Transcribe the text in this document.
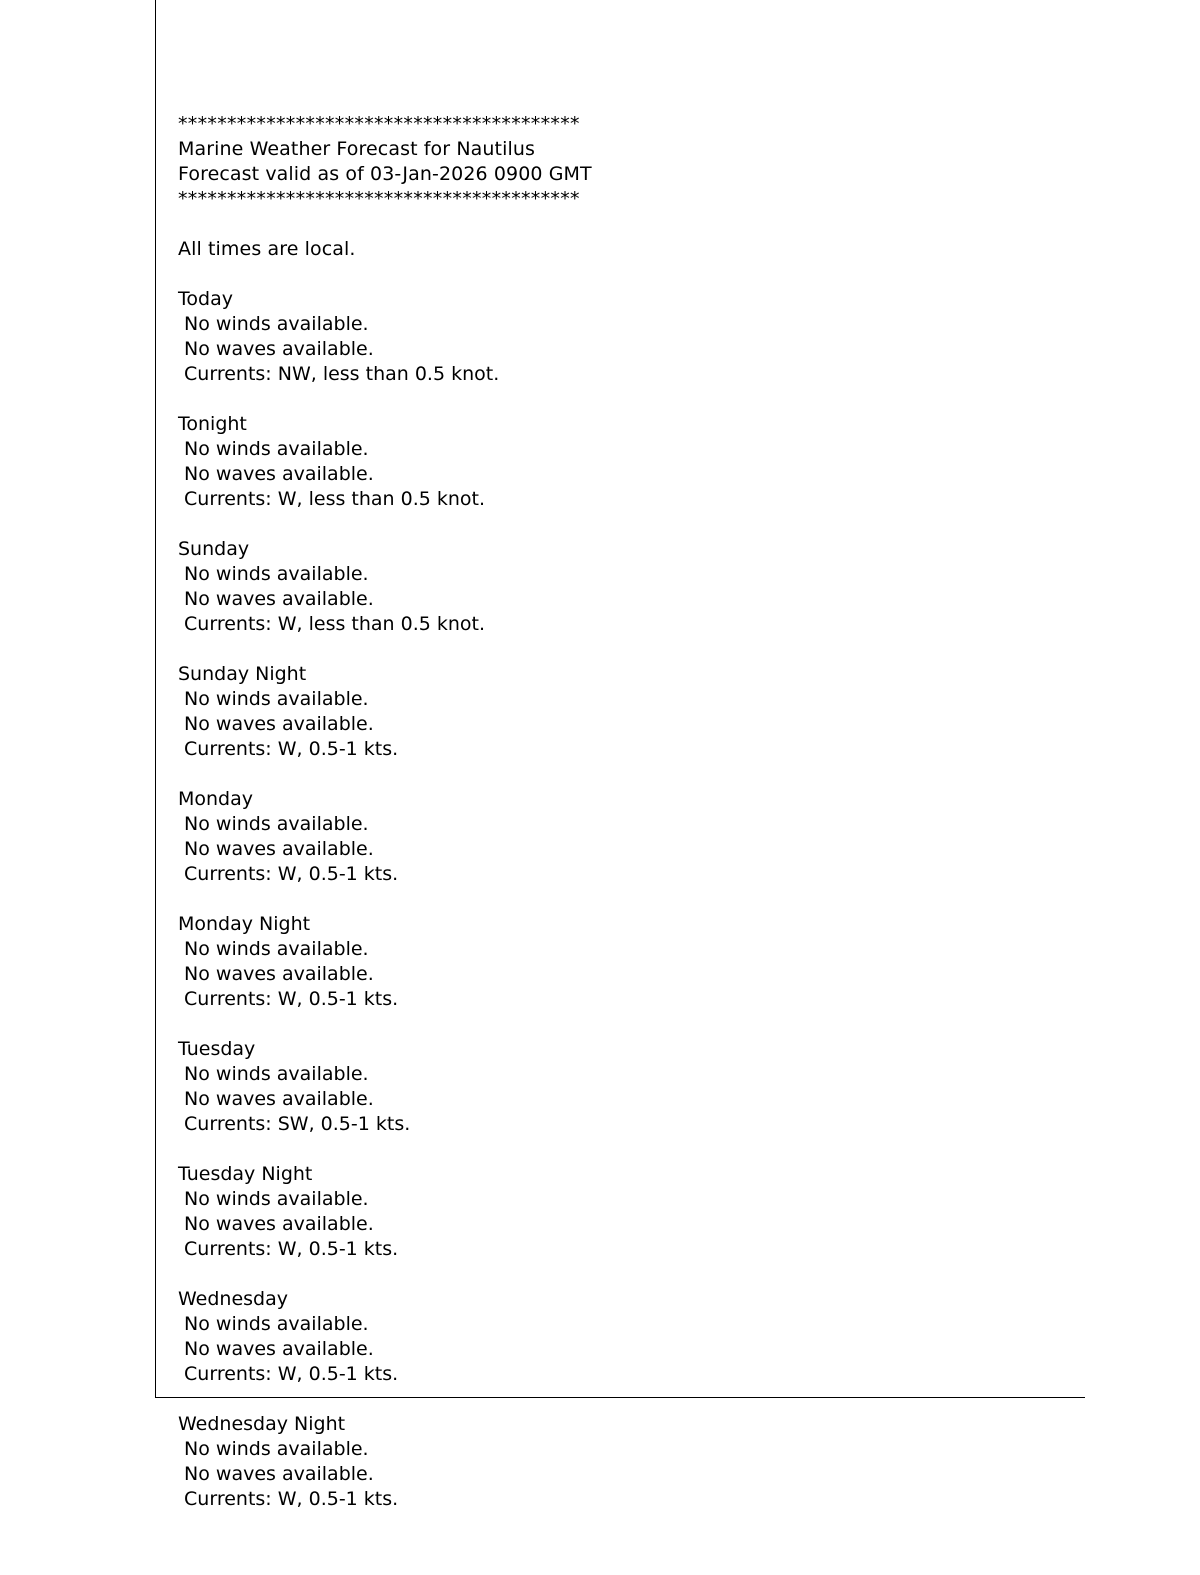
*****************************************
Marine Weather Forecast for Nautilus
Forecast valid as of 03-Jan-2026 0900 GMT
*****************************************
All times are local.
Today
No winds available.
No waves available.
Currents: NW, less than 0.5 knot.
Tonight
No winds available.
No waves available.
Currents: W, less than 0.5 knot.
Sunday
No winds available.
No waves available.
Currents: W, less than 0.5 knot.
Sunday Night
No winds available.
No waves available.
Currents: W, 0.5-1 kts.
Monday
No winds available.
No waves available.
Currents: W, 0.5-1 kts.
Monday Night
No winds available.
No waves available.
Currents: W, 0.5-1 kts.
Tuesday
No winds available.
No waves available.
Currents: SW, 0.5-1 kts.
Tuesday Night
No winds available.
No waves available.
Currents: W, 0.5-1 kts.
Wednesday
No winds available.
No waves available.
Currents: W, 0.5-1 kts.
Wednesday Night
No winds available.
No waves available.
Currents: W, 0.5-1 kts.
